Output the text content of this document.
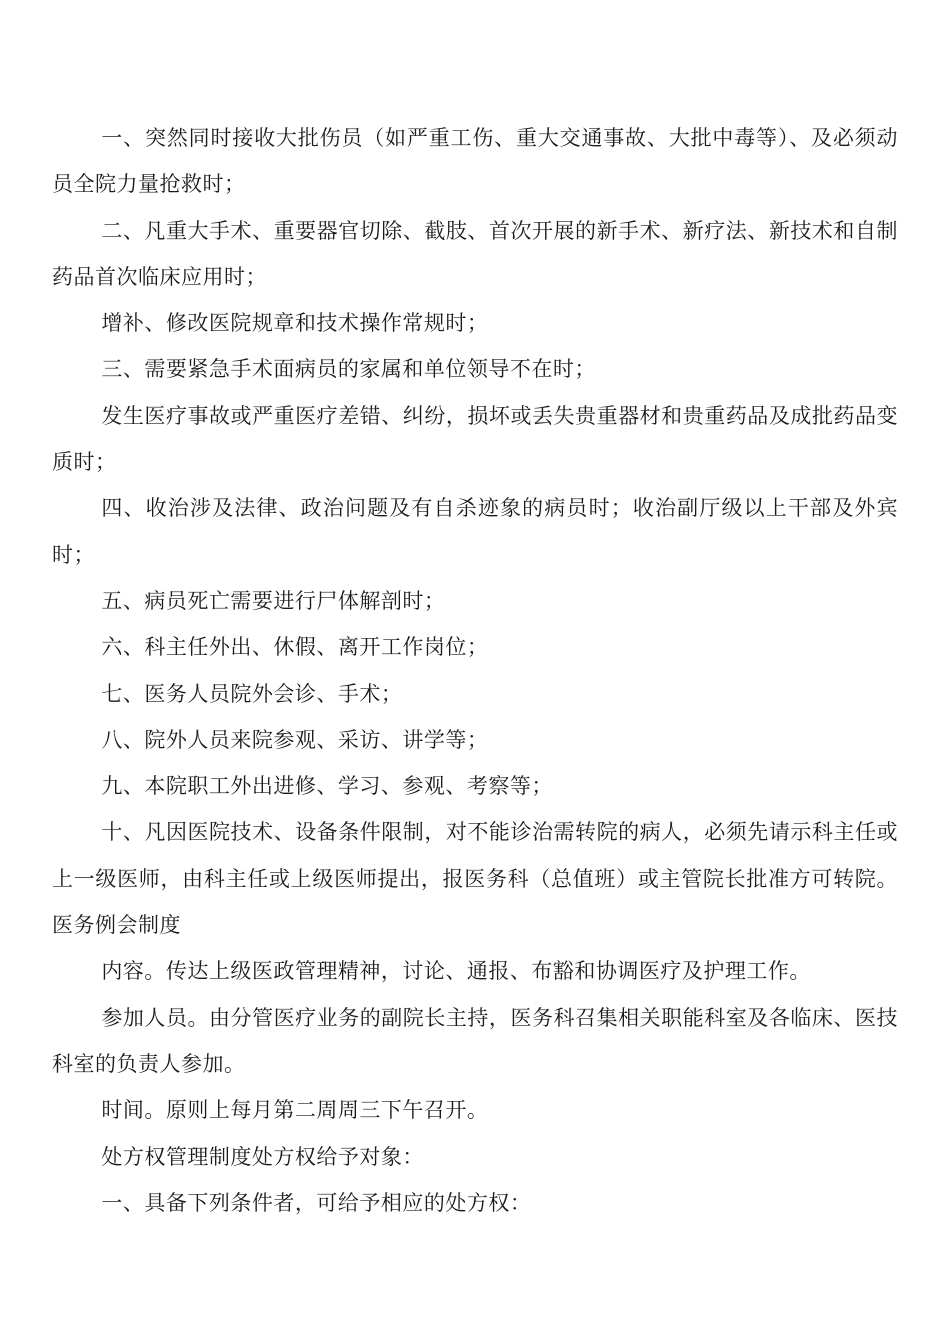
一、突然同时接收大批伤员（如严重工伤、重大交通事故、大批中毒等）、及必须动员全院力量抢救时；

二、凡重大手术、重要器官切除、截肢、首次开展的新手术、新疗法、新技术和自制药品首次临床应用时；

增补、修改医院规章和技术操作常规时；

三、需要紧急手术面病员的家属和单位领导不在时；

发生医疗事故或严重医疗差错、纠纷，损坏或丢失贵重器材和贵重药品及成批药品变质时；

四、收治涉及法律、政治问题及有自杀迹象的病员时；收治副厅级以上干部及外宾时；

五、病员死亡需要进行尸体解剖时；

六、科主任外出、休假、离开工作岗位；

七、医务人员院外会诊、手术；

八、院外人员来院参观、采访、讲学等；

九、本院职工外出进修、学习、参观、考察等；

十、凡因医院技术、设备条件限制，对不能诊治需转院的病人，必须先请示科主任或上一级医师，由科主任或上级医师提出，报医务科（总值班）或主管院长批准方可转院。医务例会制度

内容。传达上级医政管理精神，讨论、通报、布豁和协调医疗及护理工作。

参加人员。由分管医疗业务的副院长主持，医务科召集相关职能科室及各临床、医技科室的负责人参加。

时间。原则上每月第二周周三下午召开。

处方权管理制度处方权给予对象：

一、具备下列条件者，可给予相应的处方权：
